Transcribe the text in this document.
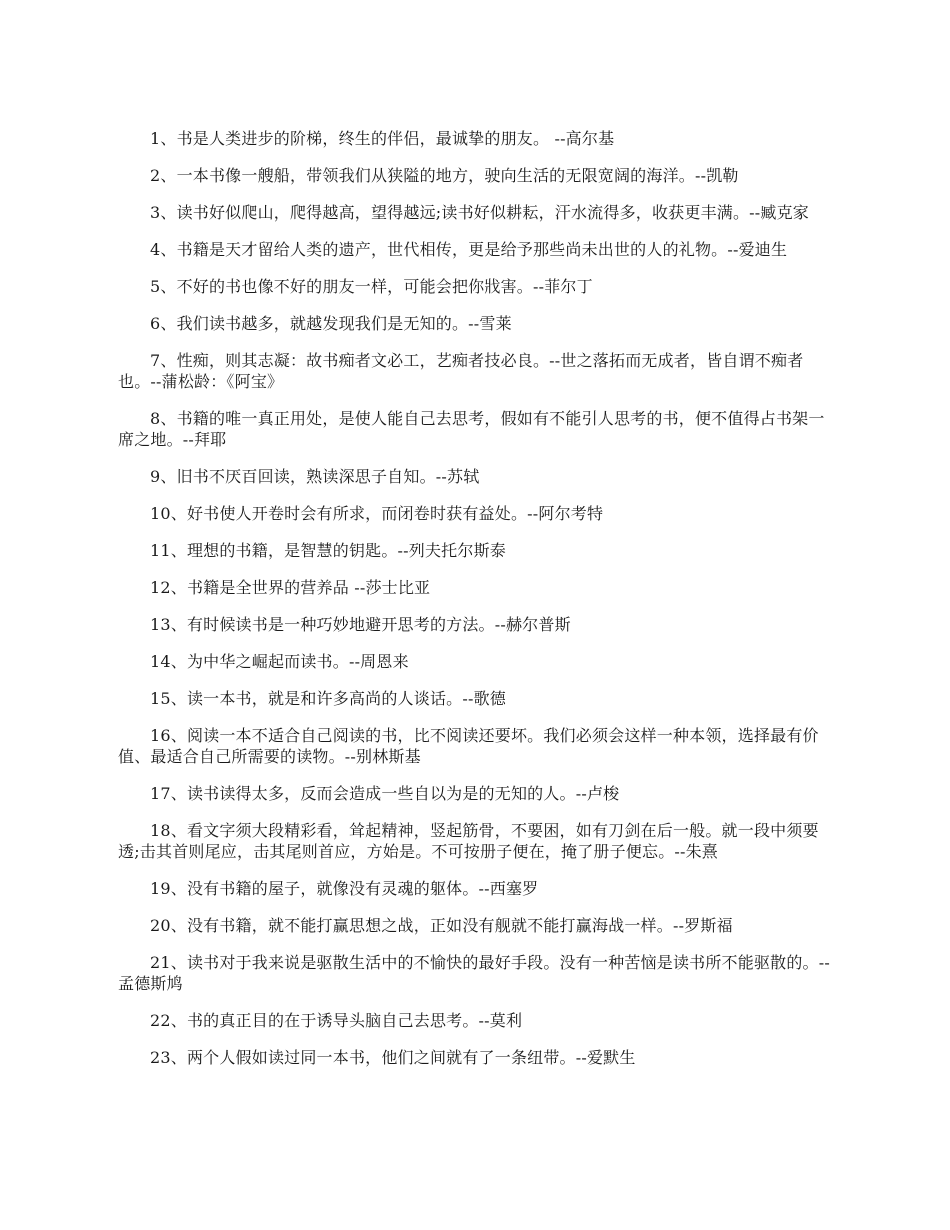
1、书是人类进步的阶梯，终生的伴侣，最诚挚的朋友。 --高尔基

2、一本书像一艘船，带领我们从狭隘的地方，驶向生活的无限宽阔的海洋。--凯勒

3、读书好似爬山，爬得越高，望得越远;读书好似耕耘，汗水流得多，收获更丰满。--臧克家

4、书籍是天才留给人类的遗产，世代相传，更是给予那些尚未出世的人的礼物。--爱迪生

5、不好的书也像不好的朋友一样，可能会把你戕害。--菲尔丁

6、我们读书越多，就越发现我们是无知的。--雪莱

7、性痴，则其志凝：故书痴者文必工，艺痴者技必良。--世之落拓而无成者，皆自谓不痴者也。--蒲松龄：《阿宝》

8、书籍的唯一真正用处，是使人能自己去思考，假如有不能引人思考的书，便不值得占书架一席之地。--拜耶

9、旧书不厌百回读，熟读深思子自知。--苏轼

10、好书使人开卷时会有所求，而闭卷时获有益处。--阿尔考特

11、理想的书籍，是智慧的钥匙。--列夫托尔斯泰

12、书籍是全世界的营养品 --莎士比亚

13、有时候读书是一种巧妙地避开思考的方法。--赫尔普斯

14、为中华之崛起而读书。--周恩来

15、读一本书，就是和许多高尚的人谈话。--歌德

16、阅读一本不适合自己阅读的书，比不阅读还要坏。我们必须会这样一种本领，选择最有价值、最适合自己所需要的读物。--别林斯基

17、读书读得太多，反而会造成一些自以为是的无知的人。--卢梭

18、看文字须大段精彩看，耸起精神，竖起筋骨，不要困，如有刀剑在后一般。就一段中须要透;击其首则尾应，击其尾则首应，方始是。不可按册子便在，掩了册子便忘。--朱熹

19、没有书籍的屋子，就像没有灵魂的躯体。--西塞罗

20、没有书籍，就不能打赢思想之战，正如没有舰就不能打赢海战一样。--罗斯福

21、读书对于我来说是驱散生活中的不愉快的最好手段。没有一种苦恼是读书所不能驱散的。--孟德斯鸠

22、书的真正目的在于诱导头脑自己去思考。--莫利

23、两个人假如读过同一本书，他们之间就有了一条纽带。--爱默生
